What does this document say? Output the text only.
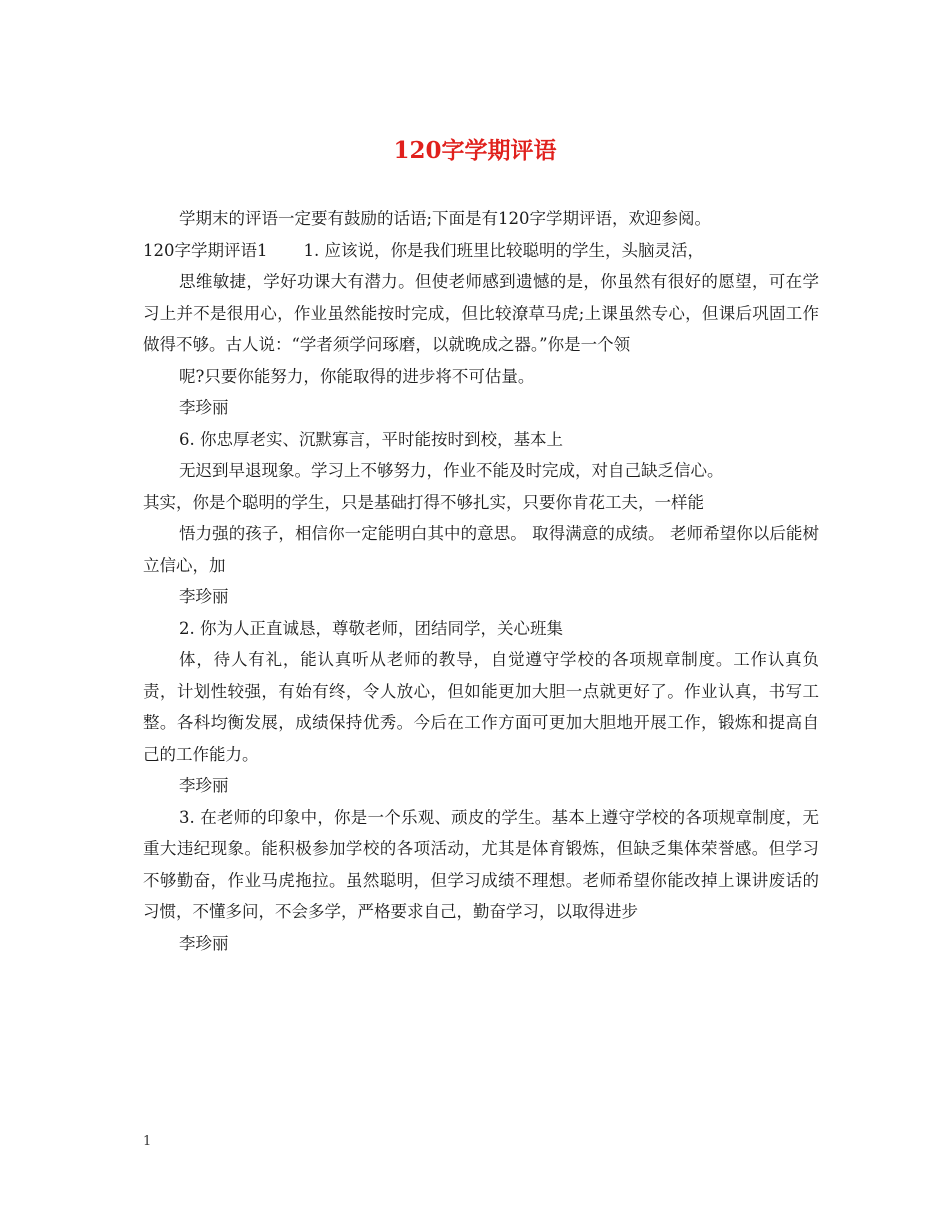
120字学期评语

学期末的评语一定要有鼓励的话语;下面是有120字学期评语，欢迎参阅。

120字学期评语1 1. 应该说，你是我们班里比较聪明的学生，头脑灵活，

思维敏捷，学好功课大有潜力。但使老师感到遗憾的是，你虽然有很好的愿望，可在学习上并不是很用心，作业虽然能按时完成，但比较潦草马虎;上课虽然专心，但课后巩固工作做得不够。古人说：“学者须学问琢磨，以就晚成之器。”你是一个领

呢?只要你能努力，你能取得的进步将不可估量。

李珍丽

6. 你忠厚老实、沉默寡言，平时能按时到校，基本上

无迟到早退现象。学习上不够努力，作业不能及时完成，对自己缺乏信心。

其实，你是个聪明的学生，只是基础打得不够扎实，只要你肯花工夫，一样能

悟力强的孩子，相信你一定能明白其中的意思。 取得满意的成绩。 老师希望你以后能树立信心，加

李珍丽

2. 你为人正直诚恳，尊敬老师，团结同学，关心班集

体，待人有礼，能认真听从老师的教导，自觉遵守学校的各项规章制度。工作认真负责，计划性较强，有始有终，令人放心，但如能更加大胆一点就更好了。作业认真，书写工整。各科均衡发展，成绩保持优秀。今后在工作方面可更加大胆地开展工作，锻炼和提高自己的工作能力。

李珍丽

3. 在老师的印象中，你是一个乐观、顽皮的学生。基本上遵守学校的各项规章制度，无重大违纪现象。能积极参加学校的各项活动，尤其是体育锻炼，但缺乏集体荣誉感。但学习不够勤奋，作业马虎拖拉。虽然聪明，但学习成绩不理想。老师希望你能改掉上课讲废话的习惯，不懂多问，不会多学，严格要求自己，勤奋学习，以取得进步

李珍丽

1
